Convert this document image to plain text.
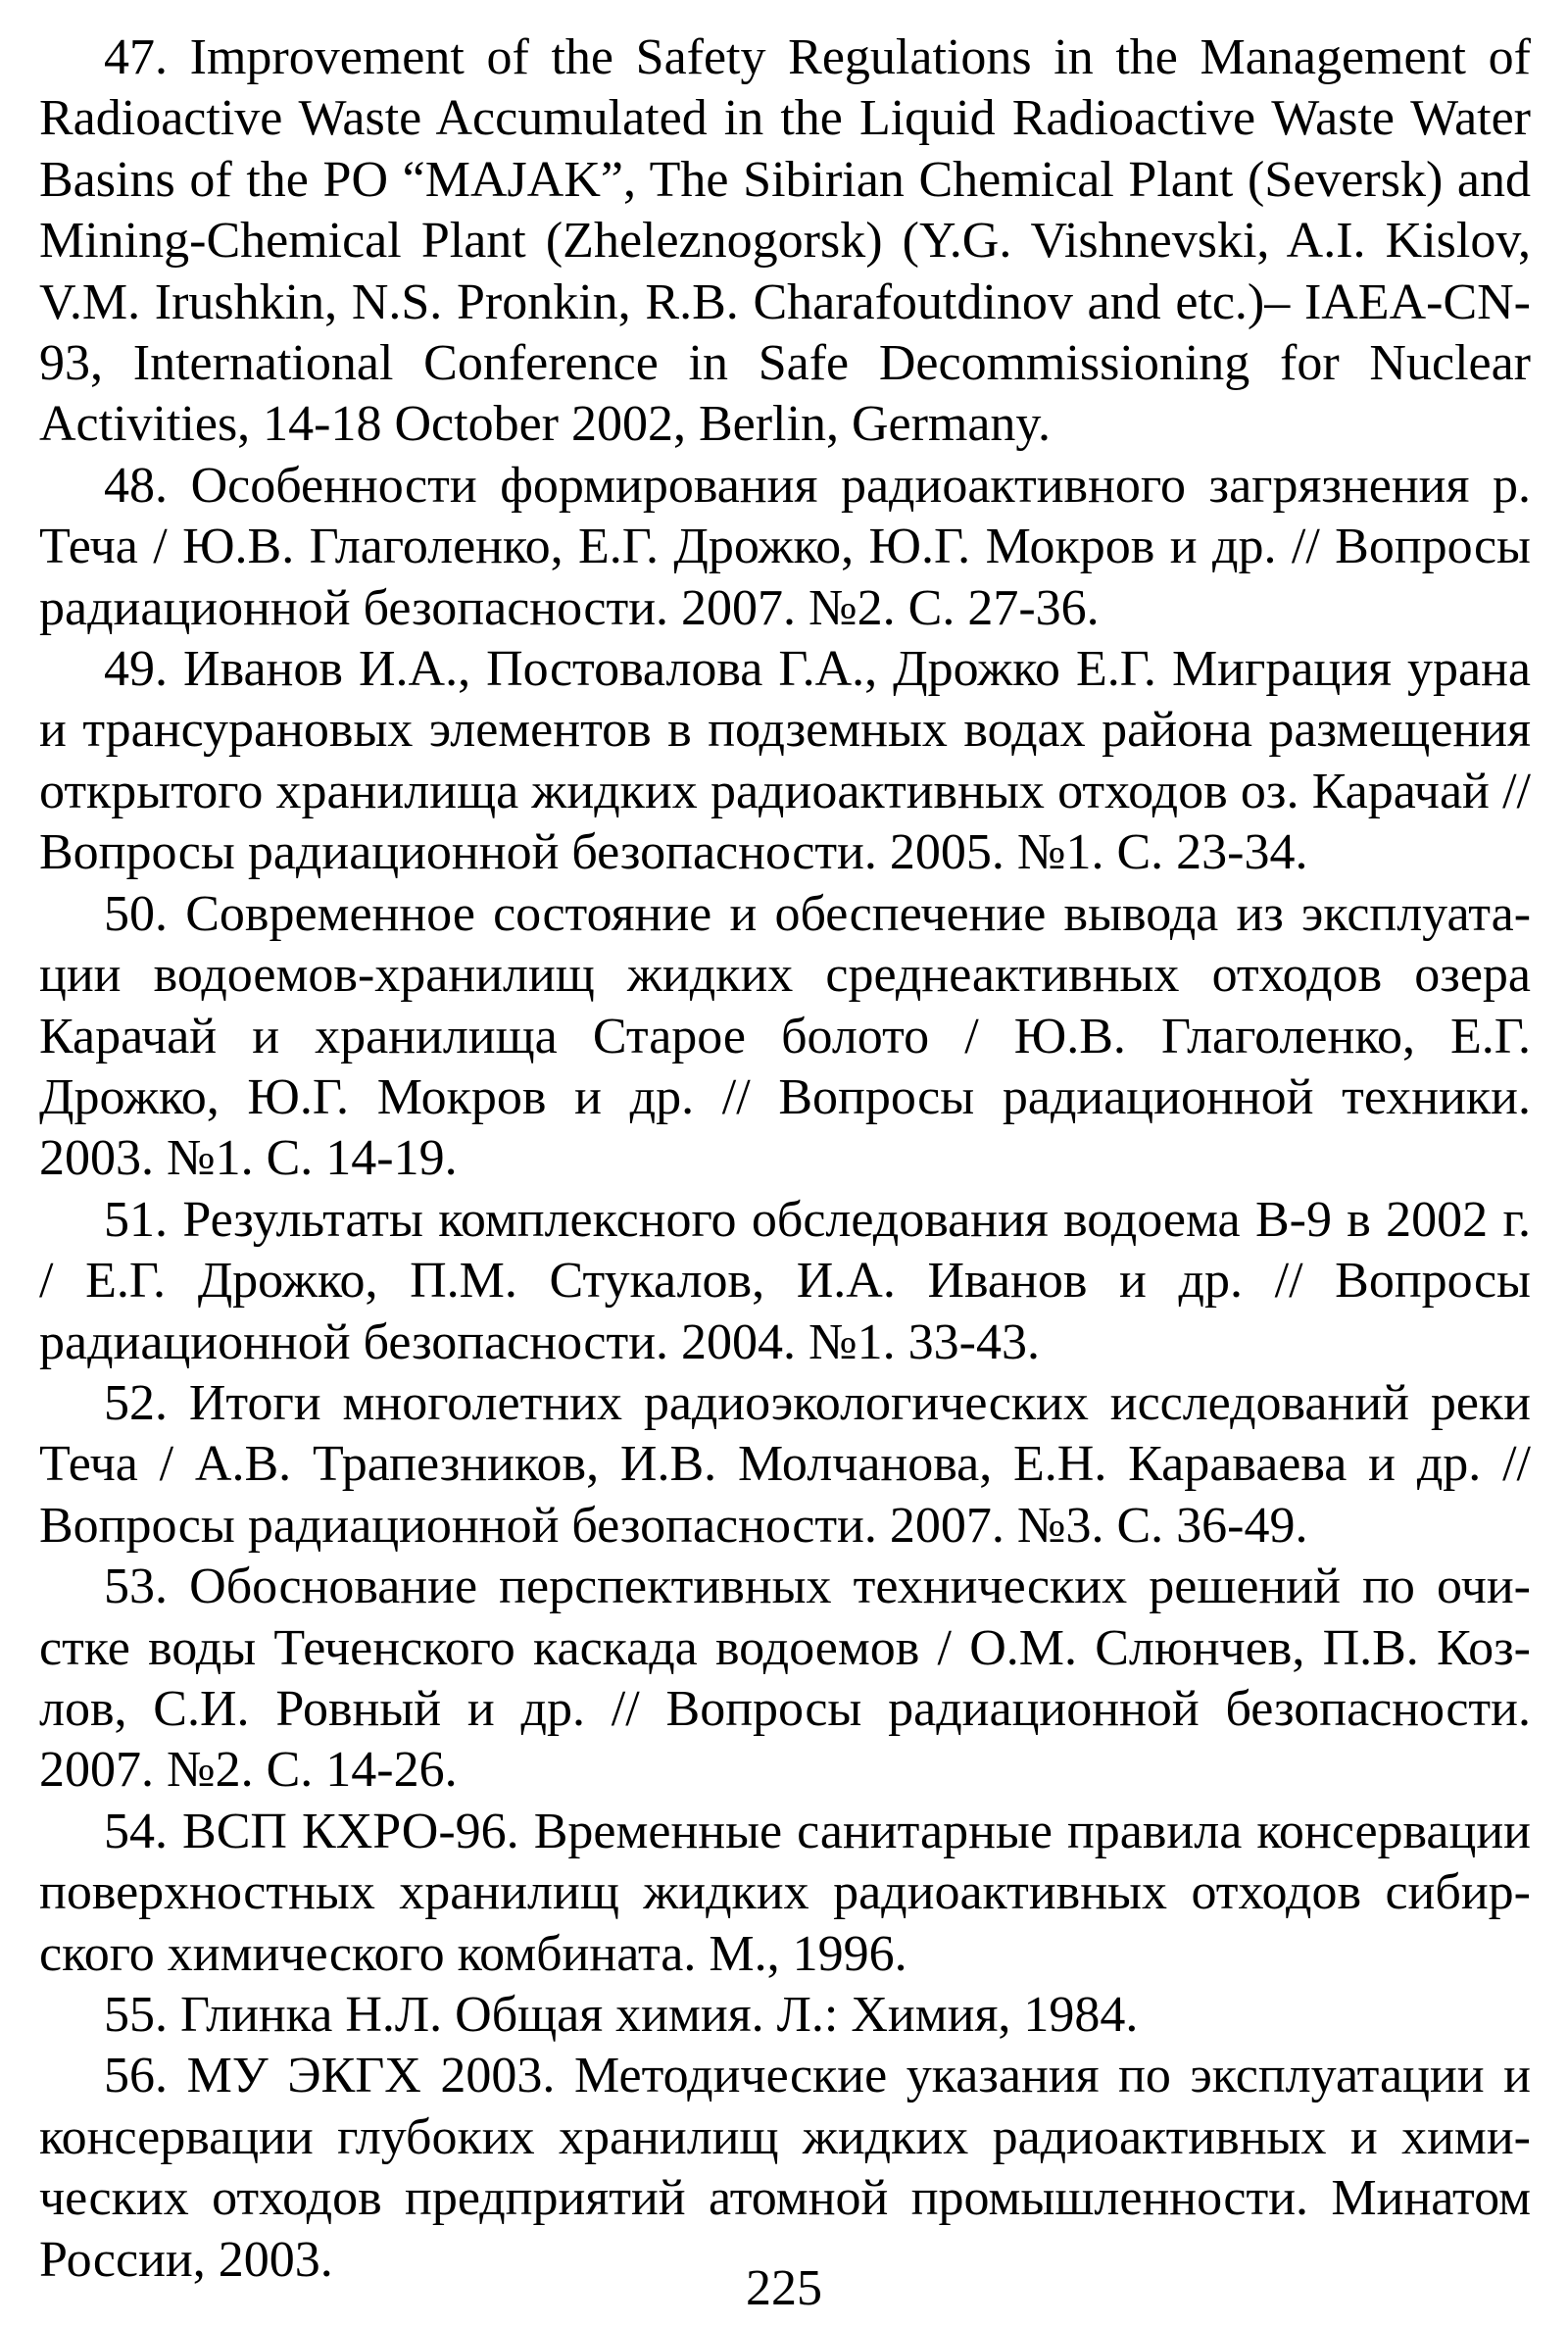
47. Improvement of the Safety Regulations in the Management of Radioactive Waste Accumulated in the Liquid Radioactive Waste Water Basins of the PO “MAJAK”, The Sibirian Chemical Plant (Seversk) and Mining-Chemical Plant (Zheleznogorsk) (Y.G. Vishnevski, A.I. Kislov, V.M. Irushkin, N.S. Pronkin, R.B. Charafoutdinov and etc.)– IAEA-CN-93, International Conference in Safe Decommissioning for Nuclear Activities, 14-18 October 2002, Berlin, Germany.

48. Особенности формирования радиоактивного загрязнения р. Теча / Ю.В. Глаголенко, Е.Г. Дрожко, Ю.Г. Мокров и др. // Вопросы радиационной безопасности. 2007. №2. С. 27-36.

49. Иванов И.А., Постовалова Г.А., Дрожко Е.Г. Миграция урана и трансурановых элементов в подземных водах района размещения открытого хранилища жидких радиоактивных отходов оз. Карачай // Вопросы радиационной безопасности. 2005. №1. С. 23-34.

50. Современное состояние и обеспечение вывода из эксплуатации водоемов-хранилищ жидких среднеактивных отходов озера Карачай и хранилища Старое болото / Ю.В. Глаголенко, Е.Г. Дрожко, Ю.Г. Мокров и др. // Вопросы радиационной техники. 2003. №1. С. 14-19.

51. Результаты комплексного обследования водоема В-9 в 2002 г. / Е.Г. Дрожко, П.М. Стукалов, И.А. Иванов и др. // Вопросы радиационной безопасности. 2004. №1. 33-43.

52. Итоги многолетних радиоэкологических исследований реки Теча / А.В. Трапезников, И.В. Молчанова, Е.Н. Караваева и др. // Вопросы радиационной безопасности. 2007. №3. С. 36-49.

53. Обоснование перспективных технических решений по очистке воды Теченского каскада водоемов / О.М. Слюнчев, П.В. Козлов, С.И. Ровный и др. // Вопросы радиационной безопасности. 2007. №2. С. 14-26.

54. ВСП КХРО-96. Временные санитарные правила консервации поверхностных хранилищ жидких радиоактивных отходов сибирского химического комбината. М., 1996.

55. Глинка Н.Л. Общая химия. Л.: Химия, 1984.

56. МУ ЭКГХ 2003. Методические указания по эксплуатации и консервации глубоких хранилищ жидких радиоактивных и химических отходов предприятий атомной промышленности. Минатом России, 2003.

225
